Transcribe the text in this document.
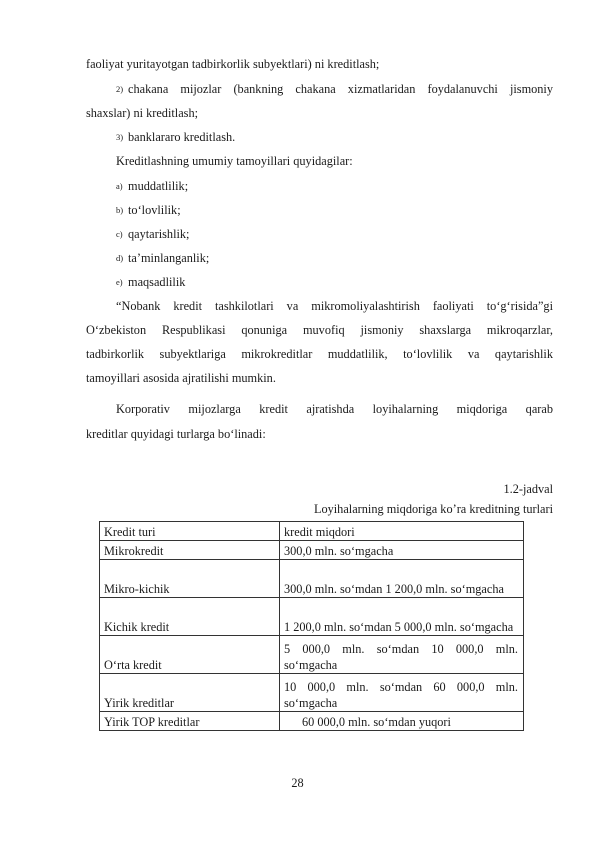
faoliyat yuritayotgan tadbirkorlik subyektlari) ni kreditlash;
2) chakana mijozlar (bankning chakana xizmatlaridan foydalanuvchi jismoniy
shaxslar) ni kreditlash;
3) banklararo kreditlash.
Kreditlashning umumiy tamoyillari quyidagilar:
a) muddatlilik;
b) to‘lovlilik;
c) qaytarishlik;
d) ta’minlanganlik;
e) maqsadlilik
“Nobank kredit tashkilotlari va mikromoliyalashtirish faoliyati to‘g‘risida”gi
O‘zbekiston Respublikasi qonuniga muvofiq jismoniy shaxslarga mikroqarzlar,
tadbirkorlik subyektlariga mikrokreditlar muddatlilik, to‘lovlilik va qaytarishlik
tamoyillari asosida ajratilishi mumkin.
Korporativ mijozlarga kredit ajratishda loyihalarning miqdoriga qarab
kreditlar quyidagi turlarga bo‘linadi:
1.2-jadval
Loyihalarning miqdoriga ko’ra kreditning turlari
Kredit turi	kredit miqdori
Mikrokredit	300,0 mln. so‘mgacha
Mikro-kichik	300,0 mln. so‘mdan 1 200,0 mln. so‘mgacha
Kichik kredit	1 200,0 mln. so‘mdan 5 000,0 mln. so‘mgacha
O‘rta kredit	5 000,0 mln. so‘mdan 10 000,0 mln. so‘mgacha
Yirik kreditlar	10 000,0 mln. so‘mdan 60 000,0 mln. so‘mgacha
Yirik TOP kreditlar	60 000,0 mln. so‘mdan yuqori
28
